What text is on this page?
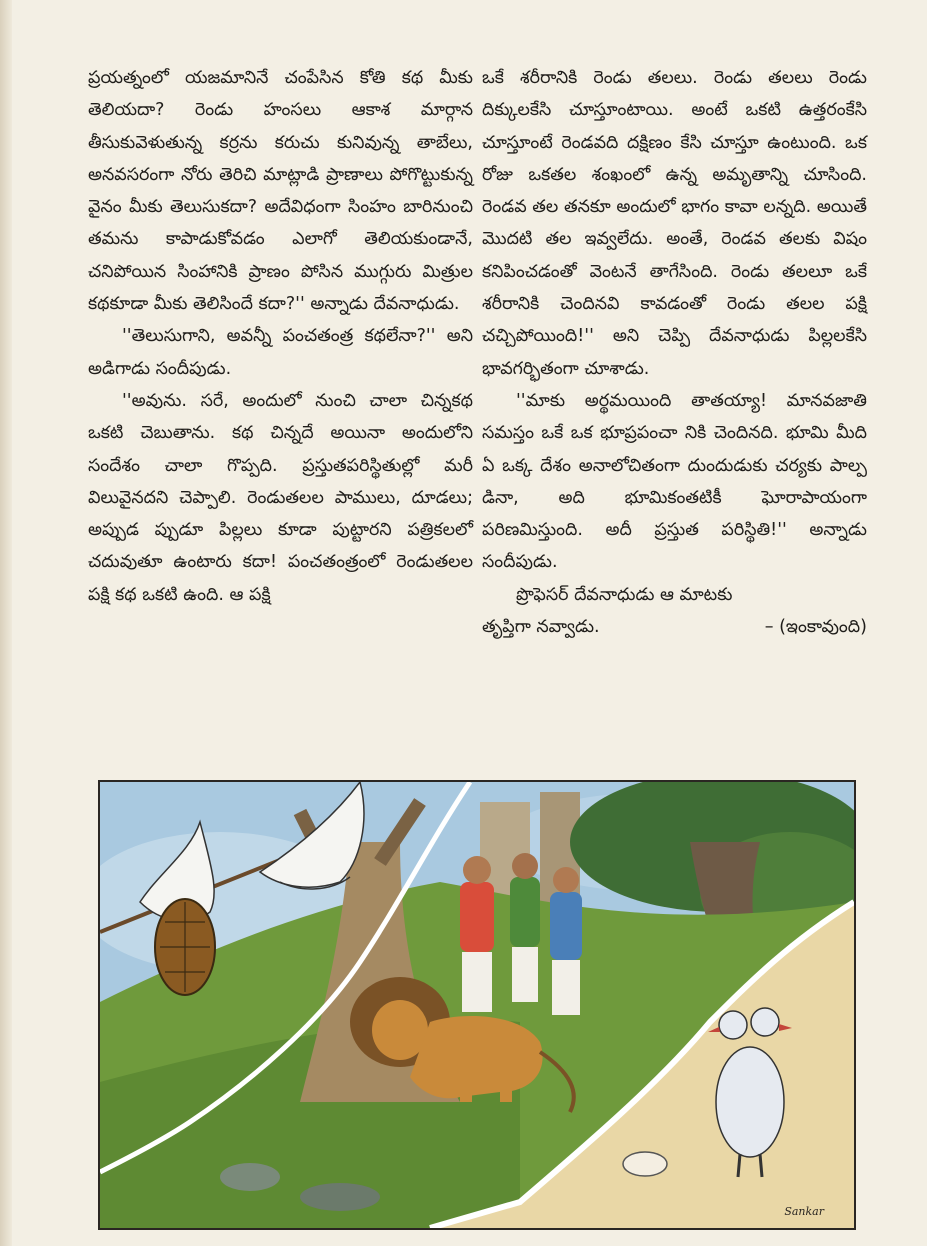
ప్రయత్నంలో యజమానినే చంపేసిన కోతి కథ మీకు తెలియదా? రెండు హంసలు ఆకాశ మార్గాన తీసుకువెళుతున్న కర్రను కరుచు కునివున్న తాబేలు, అనవసరంగా నోరు తెరిచి మాట్లాడి ప్రాణాలు పోగొట్టుకున్న వైనం మీకు తెలుసుకదా? అదేవిధంగా సింహం బారినుంచి తమను కాపాడుకోవడం ఎలాగో తెలియకుండానే, చనిపోయిన సింహానికి ప్రాణం పోసిన ముగ్గురు మిత్రుల కథకూడా మీకు తెలిసిందే కదా?'' అన్నాడు దేవనాధుడు.

''తెలుసుగాని, అవన్నీ పంచతంత్ర కథలేనా?'' అని అడిగాడు సందీపుడు.

''అవును. సరే, అందులో నుంచి చాలా చిన్నకథ ఒకటి చెబుతాను. కథ చిన్నదే అయినా అందులోని సందేశం చాలా గొప్పది. ప్రస్తుతపరిస్థితుల్లో మరీ విలువైనదని చెప్పాలి. రెండుతలల పాములు, దూడలు; అప్పుడ ప్పుడూ పిల్లలు కూడా పుట్టారని పత్రికలలో చదువుతూ ఉంటారు కదా! పంచతంత్రంలో రెండుతలల పక్షి కథ ఒకటి ఉంది. ఆ పక్షి

ఒకే శరీరానికి రెండు తలలు. రెండు తలలు రెండు దిక్కులకేసి చూస్తూంటాయి. అంటే ఒకటి ఉత్తరంకేసి చూస్తూంటే రెండవది దక్షిణం కేసి చూస్తూ ఉంటుంది. ఒక రోజు ఒకతల శంఖంలో ఉన్న అమృతాన్ని చూసింది. రెండవ తల తనకూ అందులో భాగం కావా లన్నది. అయితే మొదటి తల ఇవ్వలేదు. అంతే, రెండవ తలకు విషం కనిపించడంతో వెంటనే తాగేసింది. రెండు తలలూ ఒకే శరీరానికి చెందినవి కావడంతో రెండు తలల పక్షి చచ్చిపోయింది!'' అని చెప్పి దేవనాధుడు పిల్లలకేసి భావగర్భితంగా చూశాడు.

''మాకు అర్థమయింది తాతయ్యా! మానవజాతి సమస్తం ఒకే ఒక భూప్రపంచా నికి చెందినది. భూమి మీది ఏ ఒక్క దేశం అనాలోచితంగా దుందుడుకు చర్యకు పాల్ప డినా, అది భూమికంతటికీ ఘోరాపాయంగా పరిణమిస్తుంది. అదీ ప్రస్తుత పరిస్థితి!'' అన్నాడు సందీపుడు.

ప్రొఫెసర్ దేవనాధుడు ఆ మాటకు

తృప్తిగా నవ్వాడు.	– (ఇంకావుంది)

Sankar
